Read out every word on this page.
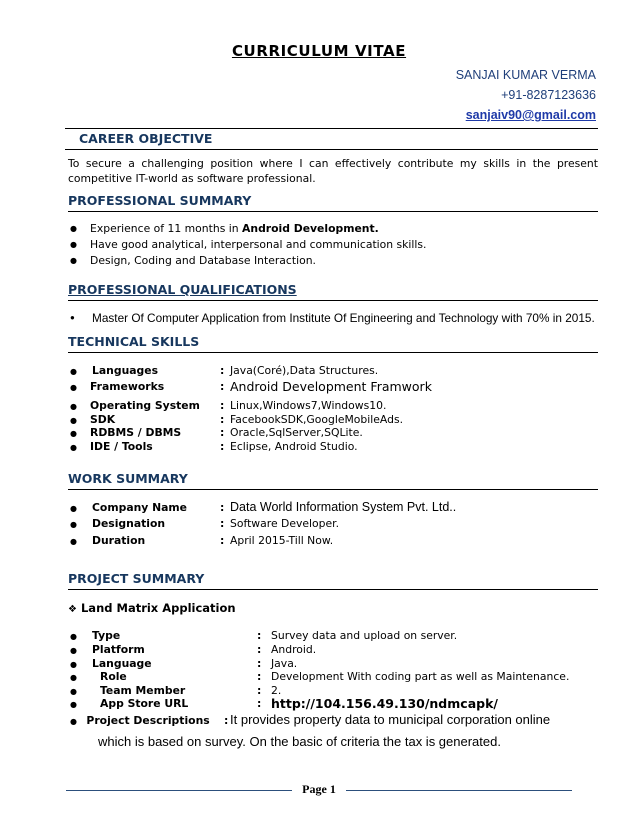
CURRICULUM VITAE
SANJAI KUMAR VERMA
+91-8287123636
sanjaiv90@gmail.com
CAREER OBJECTIVE
To secure a challenging position where I can effectively contribute my skills in the present competitive IT-world as software professional.
PROFESSIONAL SUMMARY
● Experience of 11 months in Android Development.
● Have good analytical, interpersonal and communication skills.
● Design, Coding and Database Interaction.
PROFESSIONAL QUALIFICATIONS
● Master Of Computer Application from Institute Of Engineering and Technology with 70% in 2015.
TECHNICAL SKILLS
● Languages	: Java(Coré),Data Structures.
● Frameworks	: Android Development Framwork
● Operating System : Linux,Windows7,Windows10.
● SDK	: FacebookSDK,GoogleMobileAds.
● RDBMS / DBMS	: Oracle,SqlServer,SQLite.
● IDE / Tools	: Eclipse, Android Studio.
WORK SUMMARY
● Company Name	: Data World Information System Pvt. Ltd..
● Designation	: Software Developer.
● Duration	: April 2015-Till Now.
PROJECT SUMMARY
❖ Land Matrix Application
● Type	: Survey data and upload on server.
● Platform	: Android.
● Language	: Java.
● Role	: Development With coding part as well as Maintenance.
● Team Member	: 2.
● App Store URL	: http://104.156.49.130/ndmcapk/
● Project Descriptions : It provides property data to municipal corporation online
which is based on survey. On the basic of criteria the tax is generated.
Page 1
